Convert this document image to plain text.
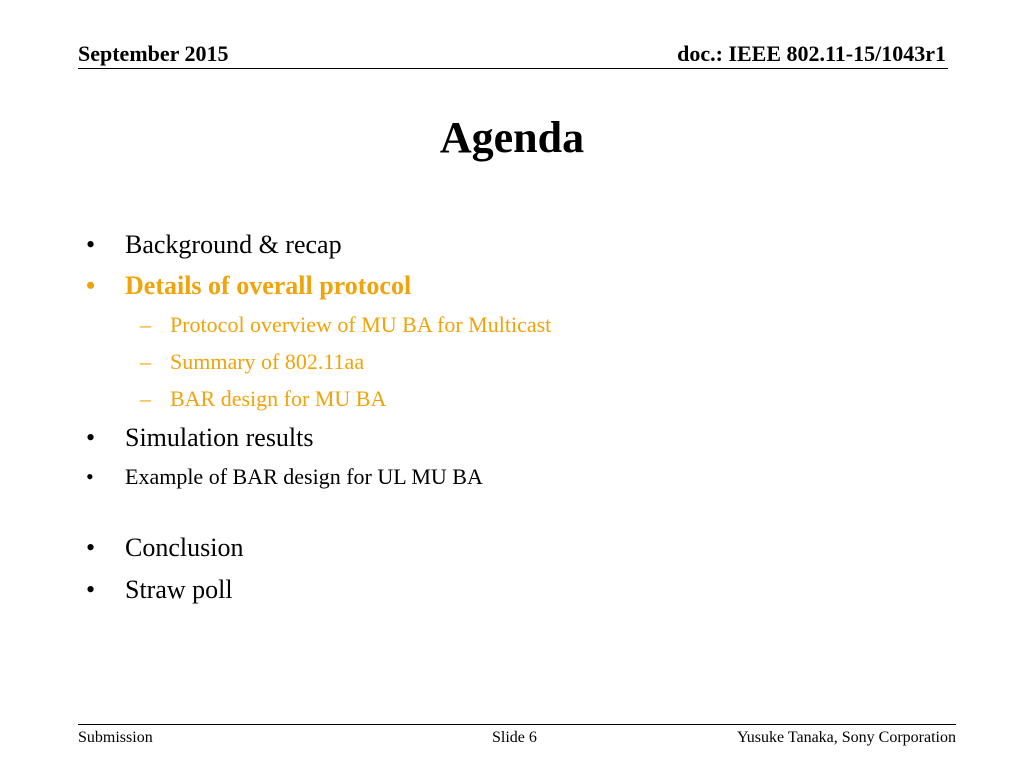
September 2015	doc.: IEEE 802.11-15/1043r1
Agenda
• Background & recap
• Details of overall protocol
– Protocol overview of MU BA for Multicast
– Summary of 802.11aa
– BAR design for MU BA
• Simulation results
• Example of BAR design for UL MU BA
• Conclusion
• Straw poll
Submission	Slide 6	Yusuke Tanaka, Sony Corporation
